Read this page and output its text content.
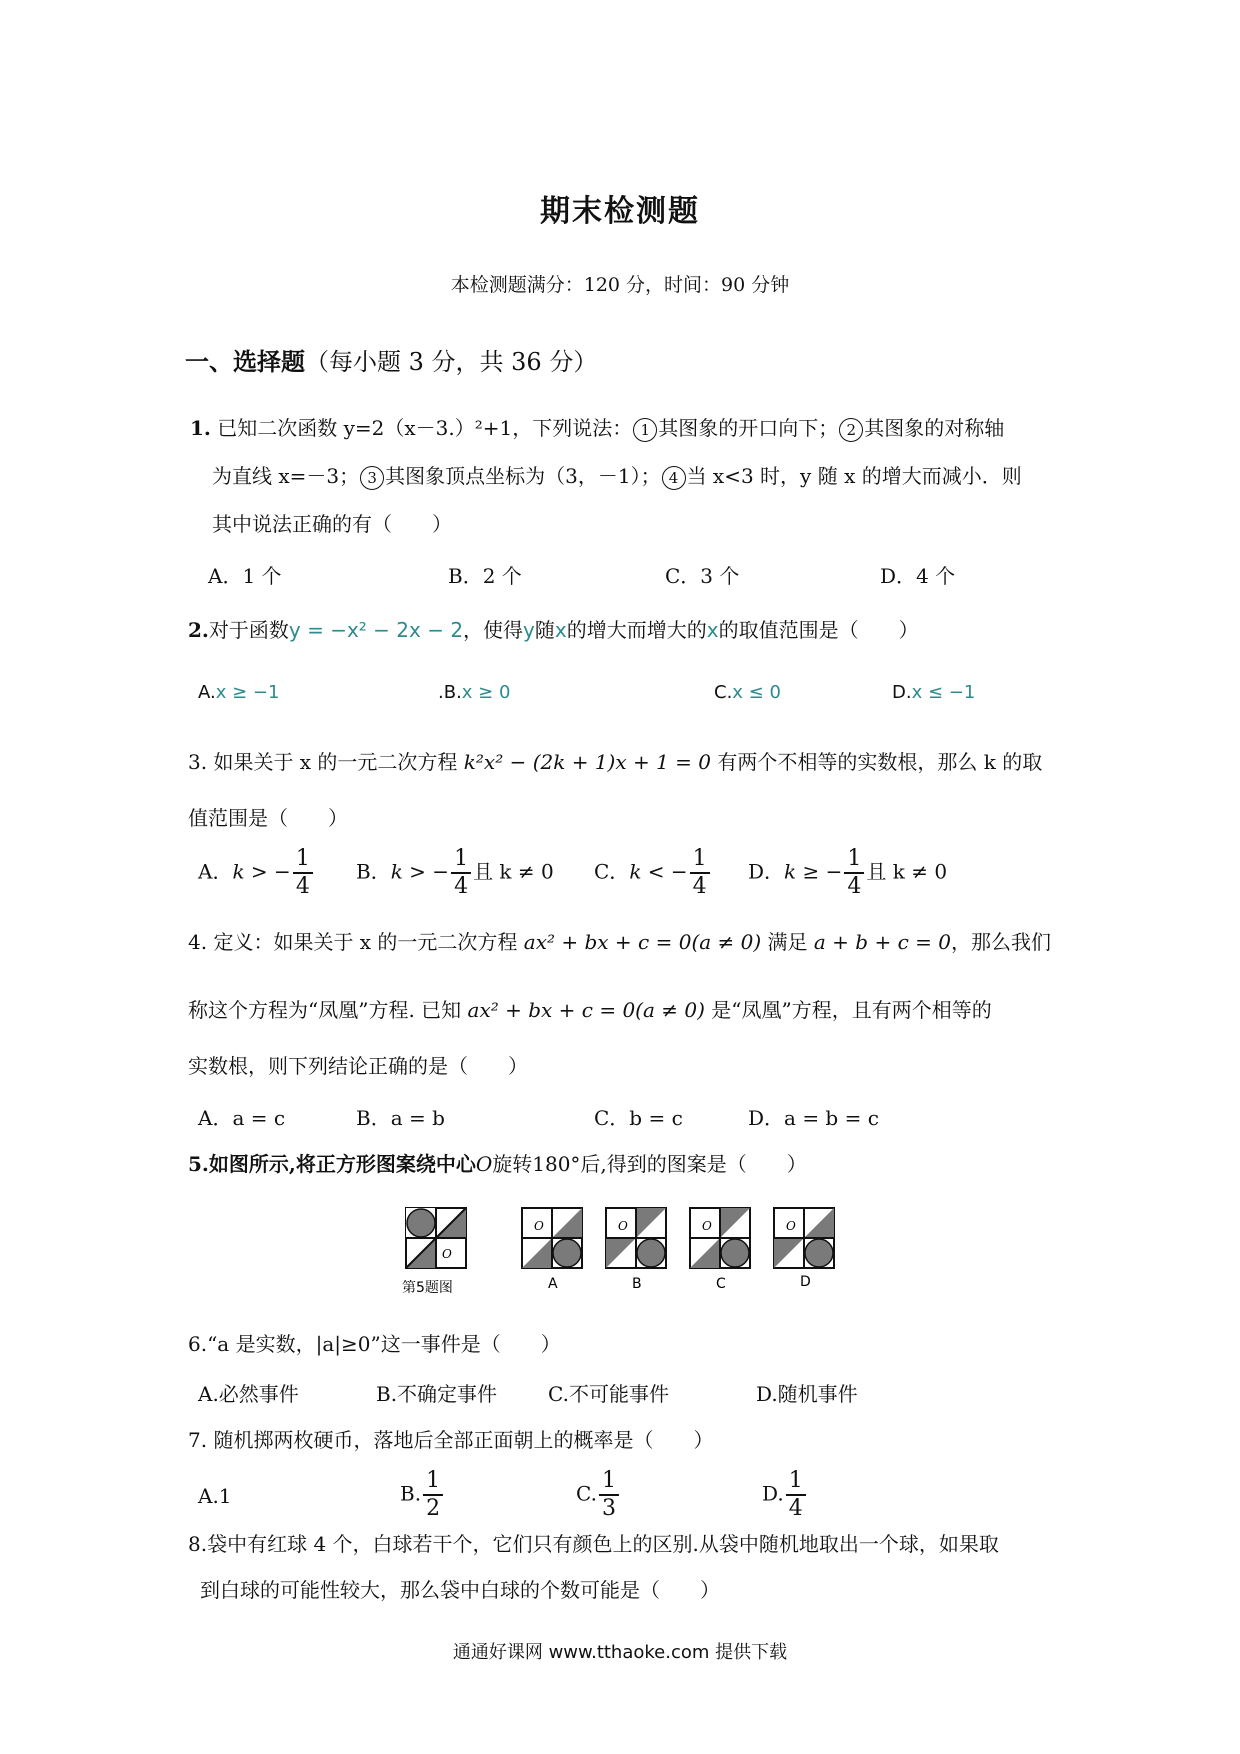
期末检测题
本检测题满分：120 分，时间：90 分钟
一、选择题（每小题 3 分，共 36 分）
1. 已知二次函数 y=2（x－3.）²+1，下列说法： 1 其图象的开口向下； 2 其图象的对称轴
为直线 x=－3； 3 其图象顶点坐标为（3，－1）； 4 当 x<3 时，y 随 x 的增大而减小．则
其中说法正确的有（　　）
A．1 个	B．2 个	C．3 个	D．4 个
2.对于函数y = −x² − 2x − 2，使得y随x的增大而增大的x的取值范围是（　　）
A.x ≥ −1	.B.x ≥ 0	C.x ≤ 0	D.x ≤ −1
3. 如果关于 x 的一元二次方程 k²x² − (2k + 1)x + 1 = 0 有两个不相等的实数根，那么 k 的取
值范围是（　　）
A．k > − $\frac{1}{4}$ B．k > − $\frac{1}{4}$ 且 k ≠ 0 C．k < − $\frac{1}{4}$ D．k ≥ − $\frac{1}{4}$ 且 k ≠ 0
4. 定义：如果关于 x 的一元二次方程 ax² + bx + c = 0(a ≠ 0) 满足 a + b + c = 0，那么我们
称这个方程为“凤凰”方程. 已知 ax² + bx + c = 0(a ≠ 0) 是“凤凰”方程，且有两个相等的
实数根，则下列结论正确的是（　　）
A．a = c	B．a = b	C．b = c	D．a = b = c
5.如图所示,将正方形图案绕中心O旋转180°后,得到的图案是（　　）
O
第5题图
O
A
O
B
O
C
O
D
6.“a 是实数，|a|≥0”这一事件是（　　）
A.必然事件	B.不确定事件	C.不可能事件	D.随机事件
7. 随机掷两枚硬币，落地后全部正面朝上的概率是（　　）
A.1	B. $\frac{1}{2}$	C. $\frac{1}{3}$	D. $\frac{1}{4}$
8.袋中有红球 4 个，白球若干个，它们只有颜色上的区别.从袋中随机地取出一个球，如果取
到白球的可能性较大，那么袋中白球的个数可能是（　　）
通通好课网 www.tthaoke.com 提供下载
